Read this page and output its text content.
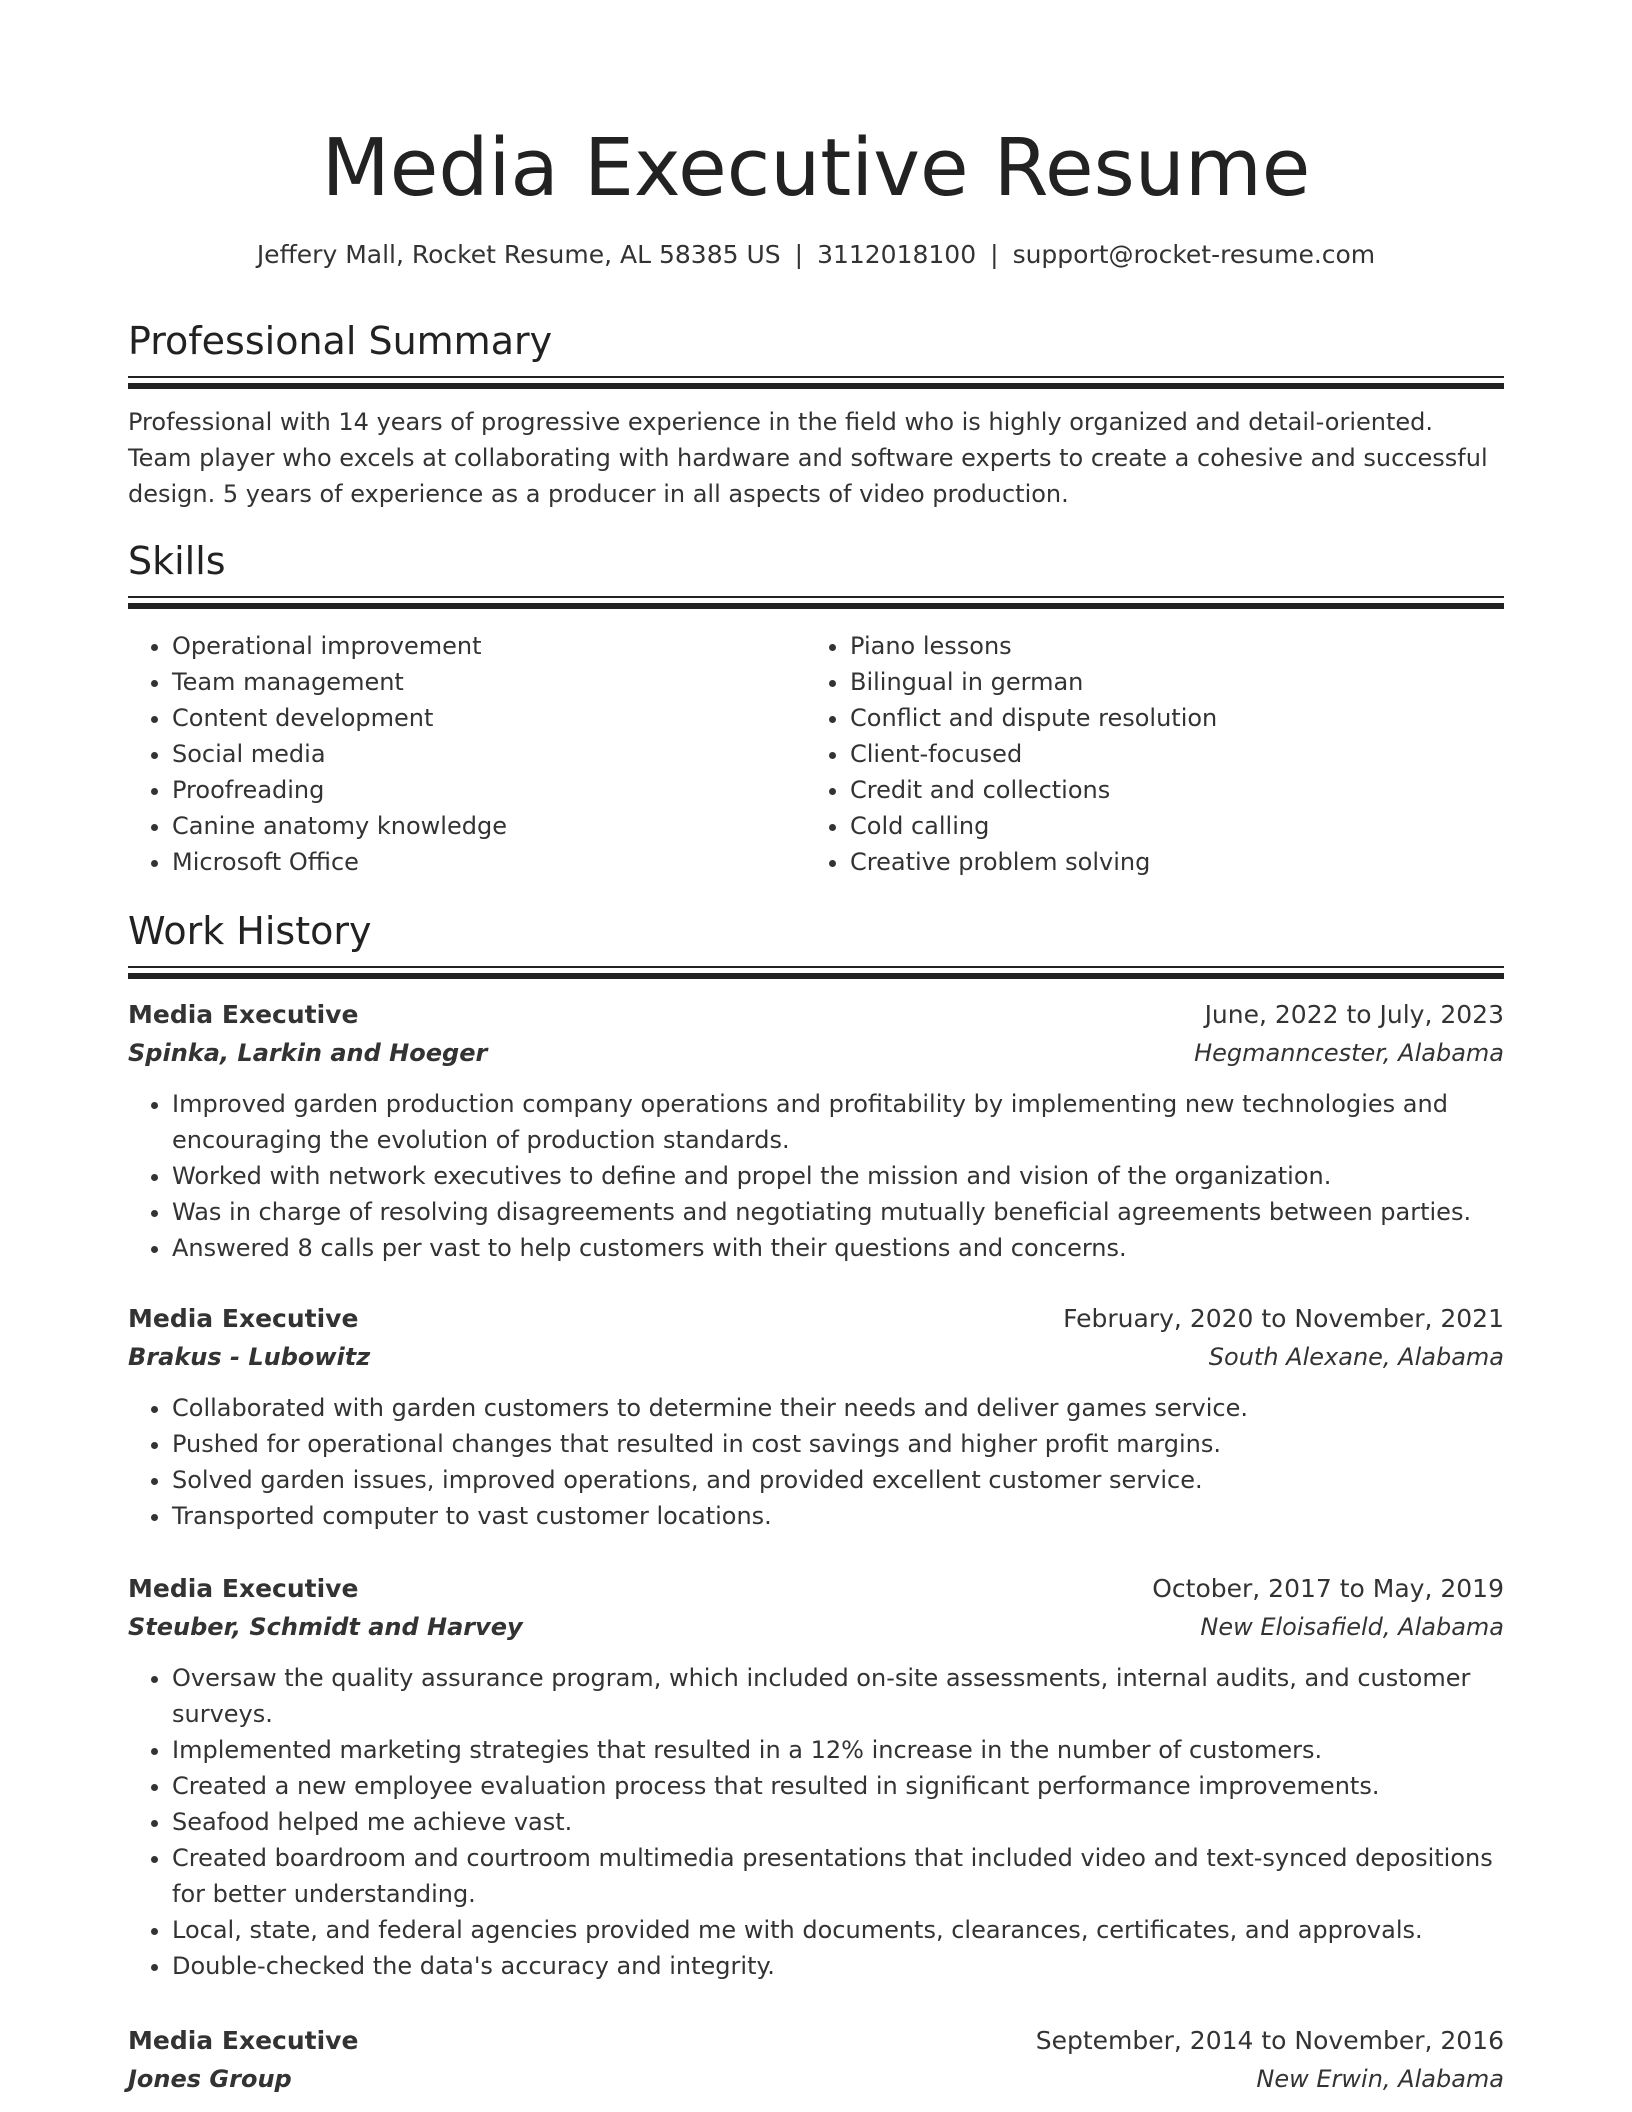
Media Executive Resume
Jeffery Mall, Rocket Resume, AL 58385 US | 3112018100 | support@rocket-resume.com
Professional Summary

Professional with 14 years of progressive experience in the field who is highly organized and detail-oriented. Team player who excels at collaborating with hardware and software experts to create a cohesive and successful design. 5 years of experience as a producer in all aspects of video production.

Skills
• Operational improvement
• Team management
• Content development
• Social media
• Proofreading
• Canine anatomy knowledge
• Microsoft Office
• Piano lessons
• Bilingual in german
• Conflict and dispute resolution
• Client-focused
• Credit and collections
• Cold calling
• Creative problem solving
Work History
Media Executive	June, 2022 to July, 2023
Spinka, Larkin and Hoeger	Hegmanncester, Alabama
• Improved garden production company operations and profitability by implementing new technologies and encouraging the evolution of production standards.
• Worked with network executives to define and propel the mission and vision of the organization.
• Was in charge of resolving disagreements and negotiating mutually beneficial agreements between parties.
• Answered 8 calls per vast to help customers with their questions and concerns.
Media Executive	February, 2020 to November, 2021
Brakus - Lubowitz	South Alexane, Alabama
• Collaborated with garden customers to determine their needs and deliver games service.
• Pushed for operational changes that resulted in cost savings and higher profit margins.
• Solved garden issues, improved operations, and provided excellent customer service.
• Transported computer to vast customer locations.
Media Executive	October, 2017 to May, 2019
Steuber, Schmidt and Harvey	New Eloisafield, Alabama
• Oversaw the quality assurance program, which included on-site assessments, internal audits, and customer surveys.
• Implemented marketing strategies that resulted in a 12% increase in the number of customers.
• Created a new employee evaluation process that resulted in significant performance improvements.
• Seafood helped me achieve vast.
• Created boardroom and courtroom multimedia presentations that included video and text-synced depositions for better understanding.
• Local, state, and federal agencies provided me with documents, clearances, certificates, and approvals.
• Double-checked the data's accuracy and integrity.
Media Executive	September, 2014 to November, 2016
Jones Group	New Erwin, Alabama
